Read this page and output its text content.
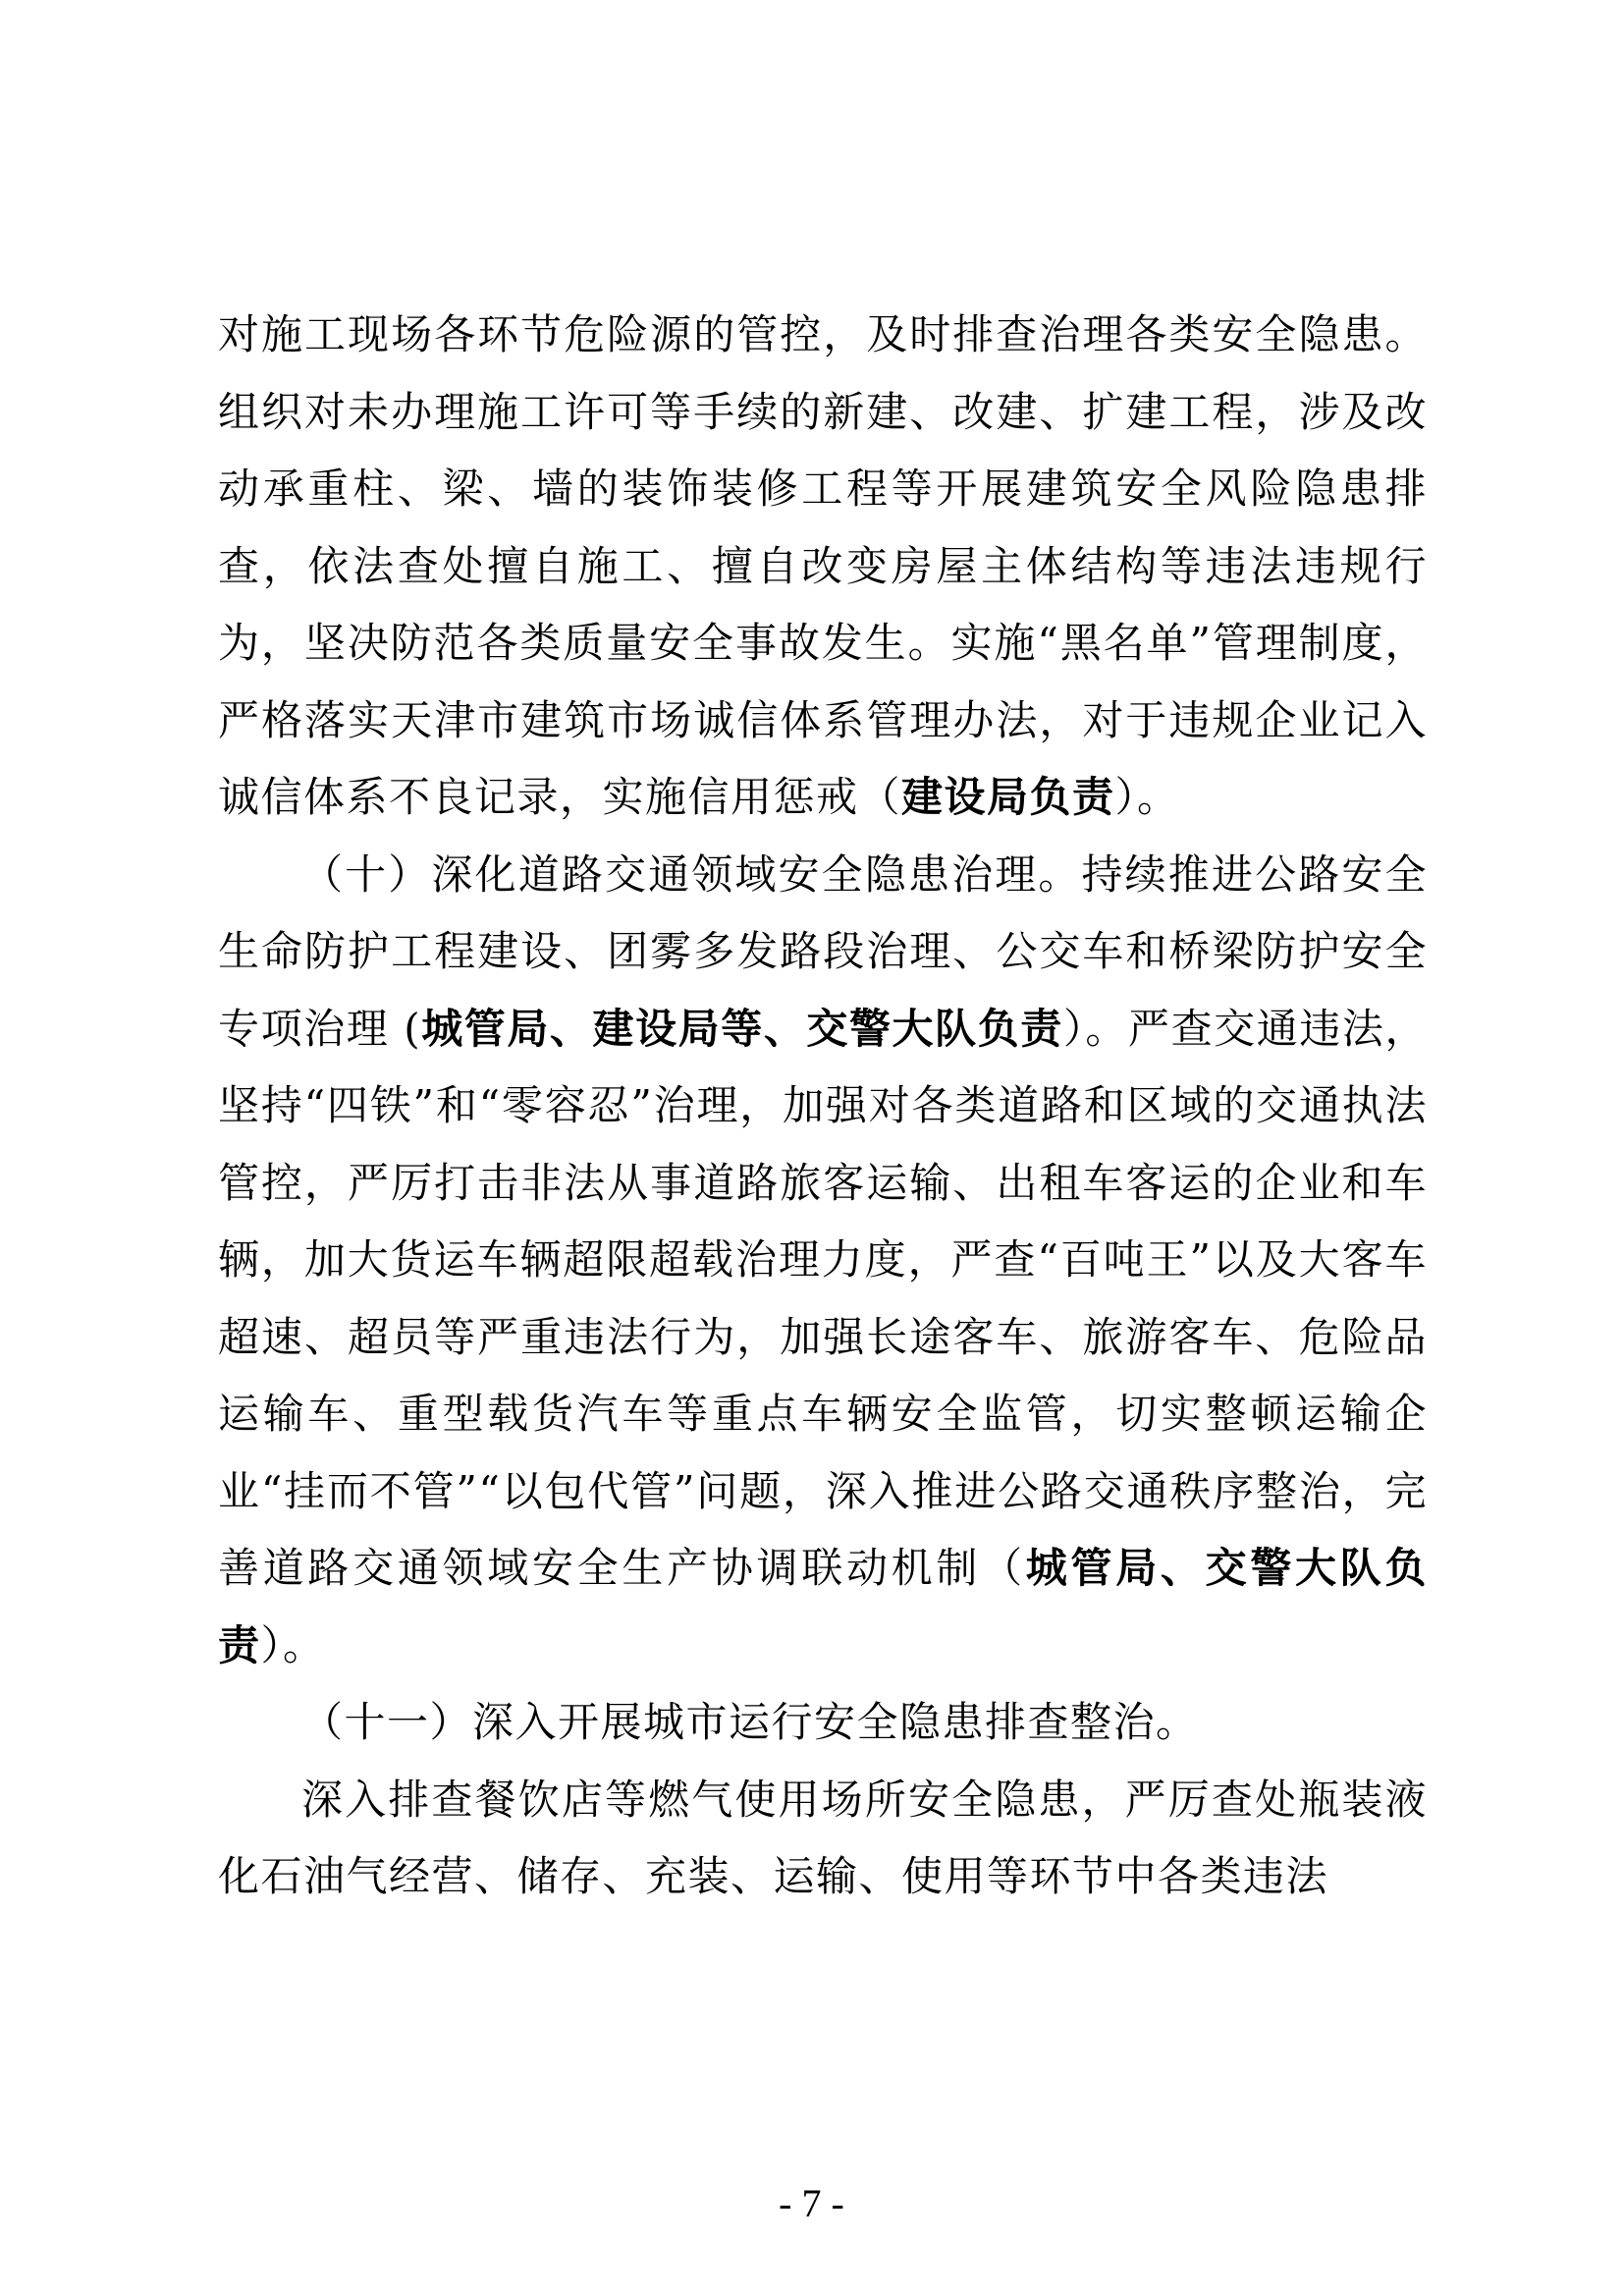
对施工现场各环节危险源的管控，及时排查治理各类安全隐患。组织对未办理施工许可等手续的新建、改建、扩建工程，涉及改动承重柱、梁、墙的装饰装修工程等开展建筑安全风险隐患排查，依法查处擅自施工、擅自改变房屋主体结构等违法违规行为，坚决防范各类质量安全事故发生。实施“黑名单”管理制度，严格落实天津市建筑市场诚信体系管理办法，对于违规企业记入诚信体系不良记录，实施信用惩戒（建设局负责）。

（十）深化道路交通领域安全隐患治理。持续推进公路安全生命防护工程建设、团雾多发路段治理、公交车和桥梁防护安全专项治理 (城管局、建设局等、交警大队负责）。严查交通违法，坚持“四铁”和“零容忍”治理，加强对各类道路和区域的交通执法管控，严厉打击非法从事道路旅客运输、出租车客运的企业和车辆，加大货运车辆超限超载治理力度，严查“百吨王”以及大客车超速、超员等严重违法行为，加强长途客车、旅游客车、危险品运输车、重型载货汽车等重点车辆安全监管，切实整顿运输企业“挂而不管”“以包代管”问题，深入推进公路交通秩序整治，完善道路交通领域安全生产协调联动机制（城管局、交警大队负责）。

（十一）深入开展城市运行安全隐患排查整治。

深入排查餐饮店等燃气使用场所安全隐患，严厉查处瓶装液化石油气经营、储存、充装、运输、使用等环节中各类违法

- 7 -
